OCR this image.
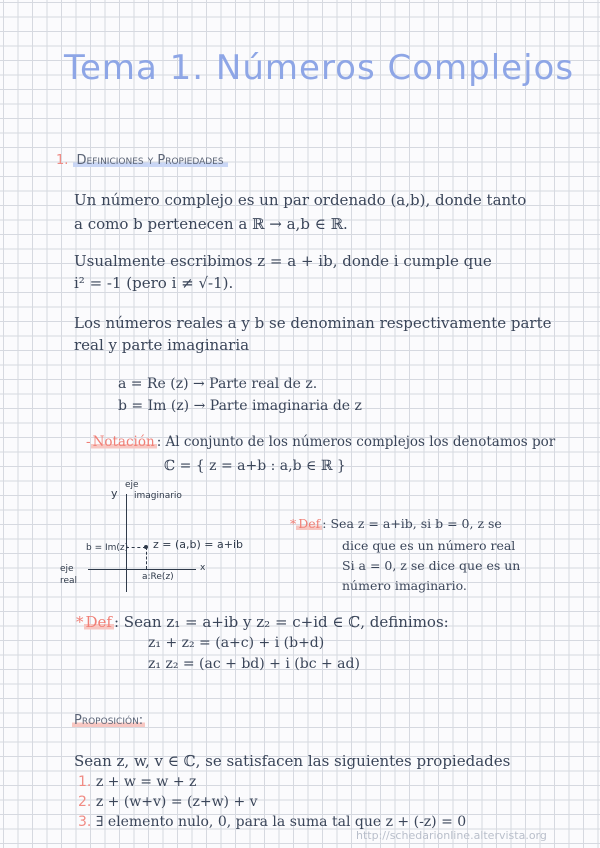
Tema 1. Números Complejos
1. Definiciones y Propiedades
Un número complejo es un par ordenado (a,b), donde tanto
a como b pertenecen a ℝ → a,b ∈ ℝ.
Usualmente escribimos z = a + ib, donde i cumple que
i² = -1 (pero i ≠ √-1).
Los números reales a y b se denominan respectivamente parte
real y parte imaginaria
a = Re (z) → Parte real de z.
b = Im (z) → Parte imaginaria de z
- Notación : Al conjunto de los números complejos los denotamos por
ℂ = { z = a+b : a,b ∈ ℝ }
y
eje
imaginario
eje
real
x
b = Im(z) z = (a,b) = a+ib
a:Re(z)
* Def : Sea z = a+ib, si b = 0, z se
dice que es un número real
Si a = 0, z se dice que es un
número imaginario.
* Def : Sean z₁ = a+ib y z₂ = c+id ∈ ℂ, definimos:
z₁ + z₂ = (a+c) + i (b+d)
z₁ z₂ = (ac + bd) + i (bc + ad)
Proposición:
Sean z, w, v ∈ ℂ, se satisfacen las siguientes propiedades
1. z + w = w + z
2. z + (w+v) = (z+w) + v
3. ∃ elemento nulo, 0, para la suma tal que z + (-z) = 0
http://schedarionline.altervista.org
